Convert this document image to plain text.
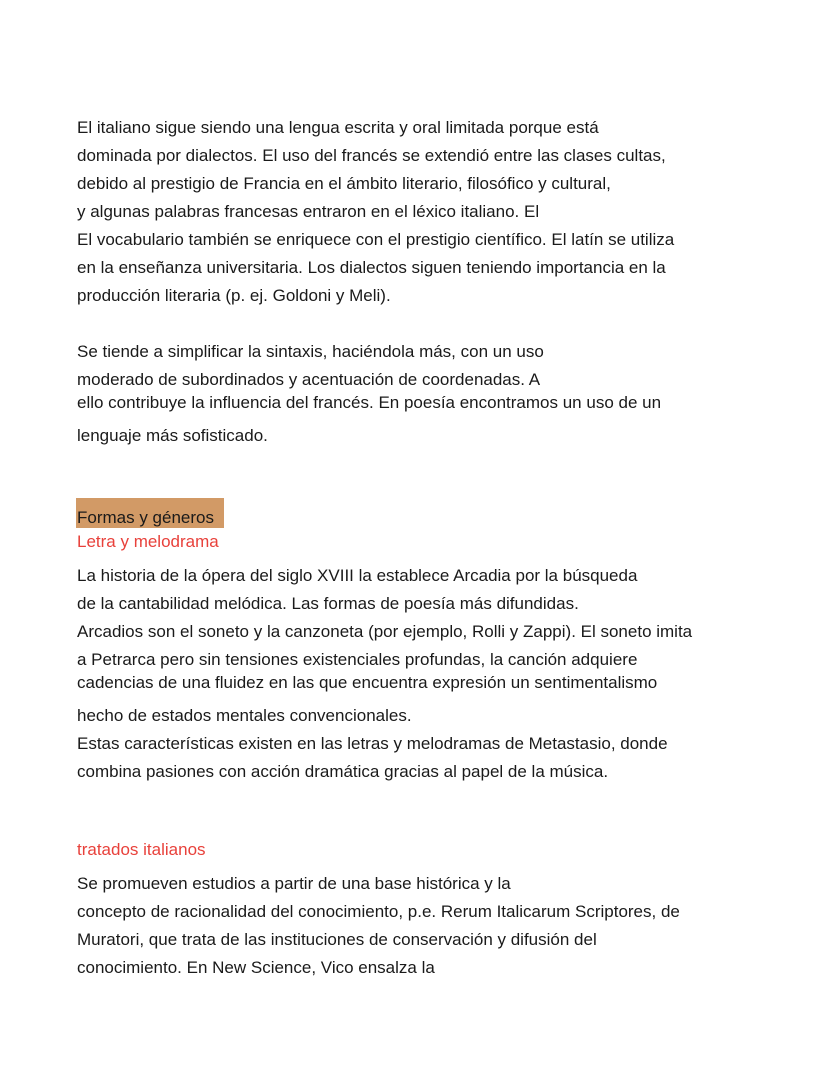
El italiano sigue siendo una lengua escrita y oral limitada porque está
dominada por dialectos. El uso del francés se extendió entre las clases cultas,
debido al prestigio de Francia en el ámbito literario, filosófico y cultural,
y algunas palabras francesas entraron en el léxico italiano. El
El vocabulario también se enriquece con el prestigio científico. El latín se utiliza
en la enseñanza universitaria. Los dialectos siguen teniendo importancia en la
producción literaria (p. ej. Goldoni y Meli).
Se tiende a simplificar la sintaxis, haciéndola más, con un uso
moderado de subordinados y acentuación de coordenadas. A
ello contribuye la influencia del francés. En poesía encontramos un uso de un
lenguaje más sofisticado.
Formas y géneros
Letra y melodrama
La historia de la ópera del siglo XVIII la establece Arcadia por la búsqueda
de la cantabilidad melódica. Las formas de poesía más difundidas.
Arcadios son el soneto y la canzoneta (por ejemplo, Rolli y Zappi). El soneto imita
a Petrarca pero sin tensiones existenciales profundas, la canción adquiere
cadencias de una fluidez en las que encuentra expresión un sentimentalismo
hecho de estados mentales convencionales.
Estas características existen en las letras y melodramas de Metastasio, donde
combina pasiones con acción dramática gracias al papel de la música.
tratados italianos
Se promueven estudios a partir de una base histórica y la
concepto de racionalidad del conocimiento, p.e. Rerum Italicarum Scriptores, de
Muratori, que trata de las instituciones de conservación y difusión del
conocimiento. En New Science, Vico ensalza la
